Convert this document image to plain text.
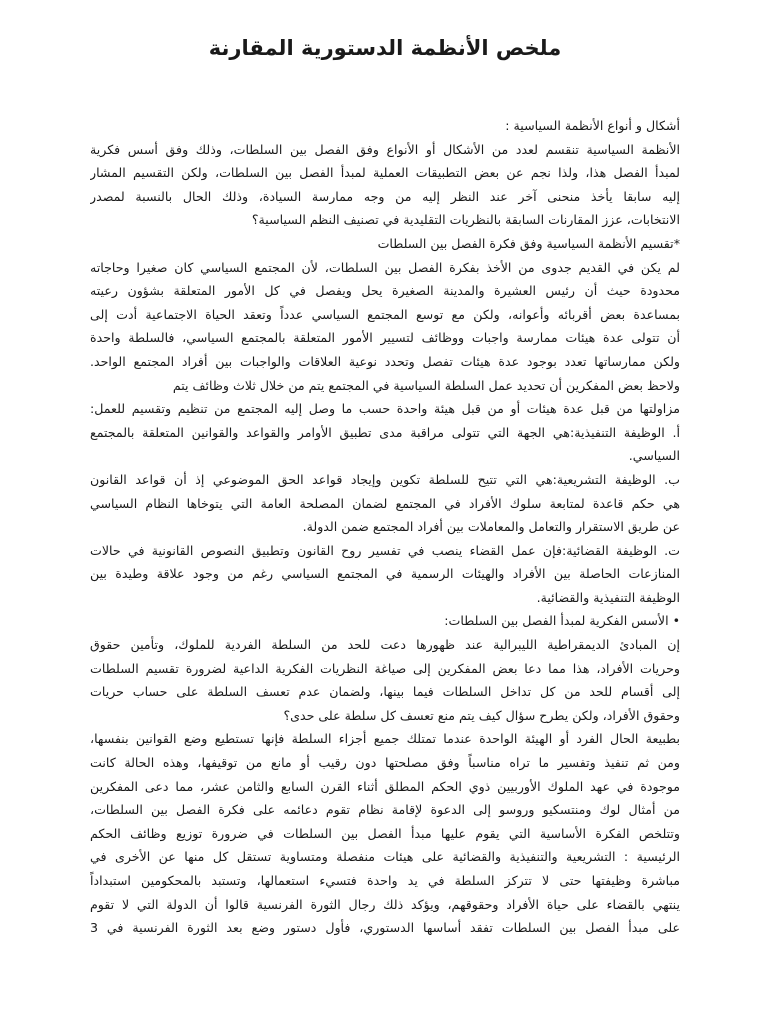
ملخص الأنظمة الدستورية المقارنة
أشكال و أنواع الأنظمة السياسية :
الأنظمة السياسية تنقسم لعدد من الأشكال أو الأنواع وفق الفصل بين السلطات، وذلك وفق أسس فكرية
لمبدأ الفصل هذا، ولذا نجم عن بعض التطبيقات العملية لمبدأ الفصل بين السلطات، ولكن التقسيم المشار
إليه سابقا يأخذ منحنى آخر عند النظر إليه من وجه ممارسة السيادة، وذلك الحال بالنسبة لمصدر
الانتخابات، عزز المقارنات السابقة بالنظريات التقليدية في تصنيف النظم السياسية؟
*تقسيم الأنظمة السياسية وفق فكرة الفصل بين السلطات
لم يكن في القديم جدوى من الأخذ بفكرة الفصل بين السلطات، لأن المجتمع السياسي كان صغيرا وحاجاته
محدودة حيث أن رئيس العشيرة والمدينة الصغيرة يحل ويفصل في كل الأمور المتعلقة بشؤون رعيته
بمساعدة بعض أقربائه وأعوانه، ولكن مع توسع المجتمع السياسي عدداً وتعقد الحياة الاجتماعية أدت إلى
أن تتولى عدة هيئات ممارسة واجبات ووظائف لتسيير الأمور المتعلقة بالمجتمع السياسي، فالسلطة واحدة
ولكن ممارساتها تعدد بوجود عدة هيئات تفصل وتحدد نوعية العلاقات والواجبات بين أفراد المجتمع الواحد.
ولاحظ بعض المفكرين أن تحديد عمل السلطة السياسية في المجتمع يتم من خلال ثلاث وظائف يتم
مزاولتها من قبل عدة هيئات أو من قبل هيئة واحدة حسب ما وصل إليه المجتمع من تنظيم وتقسيم للعمل:
أ. الوظيفة التنفيذية:هي الجهة التي تتولى مراقبة مدى تطبيق الأوامر والقواعد والقوانين المتعلقة بالمجتمع
السياسي.
ب. الوظيفة التشريعية:هي التي تتيح للسلطة تكوين وإيجاد قواعد الحق الموضوعي إذ أن قواعد القانون
هي حكم قاعدة لمتابعة سلوك الأفراد في المجتمع لضمان المصلحة العامة التي يتوخاها النظام السياسي
عن طريق الاستقرار والتعامل والمعاملات بين أفراد المجتمع ضمن الدولة.
ت. الوظيفة القضائية:فإن عمل القضاء ينصب في تفسير روح القانون وتطبيق النصوص القانونية في حالات
المنازعات الحاصلة بين الأفراد والهيئات الرسمية في المجتمع السياسي رغم من وجود علاقة وطيدة بين
الوظيفة التنفيذية والقضائية.
• الأسس الفكرية لمبدأ الفصل بين السلطات:
إن المبادئ الديمقراطية الليبرالية عند ظهورها دعت للحد من السلطة الفردية للملوك، وتأمين حقوق
وحريات الأفراد، هذا مما دعا بعض المفكرين إلى صياغة النظريات الفكرية الداعية لضرورة تقسيم السلطات
إلى أقسام للحد من كل تداخل السلطات فيما بينها، ولضمان عدم تعسف السلطة على حساب حريات
وحقوق الأفراد، ولكن يطرح سؤال كيف يتم منع تعسف كل سلطة على حدى؟
بطبيعة الحال الفرد أو الهيئة الواحدة عندما تمتلك جميع أجزاء السلطة فإنها تستطيع وضع القوانين بنفسها،
ومن ثم تنفيذ وتفسير ما تراه مناسباً وفق مصلحتها دون رقيب أو مانع من توقيفها، وهذه الحالة كانت
موجودة في عهد الملوك الأوربيين ذوي الحكم المطلق أثناء القرن السابع والثامن عشر، مما دعى المفكرين
من أمثال لوك ومنتسكيو وروسو إلى الدعوة لإقامة نظام تقوم دعائمه على فكرة الفصل بين السلطات،
وتتلخص الفكرة الأساسية التي يقوم عليها مبدأ الفصل بين السلطات في ضرورة توزيع وظائف الحكم
الرئيسية : التشريعية والتنفيذية والقضائية على هيئات منفصلة ومتساوية تستقل كل منها عن الأخرى في
مباشرة وظيفتها حتى لا تتركز السلطة في يد واحدة فتسيء استعمالها، وتستبد بالمحكومين استبداداً
ينتهي بالقضاء على حياة الأفراد وحقوقهم، ويؤكد ذلك رجال الثورة الفرنسية قالوا أن الدولة التي لا تقوم
على مبدأ الفصل بين السلطات تفقد أساسها الدستوري، فأول دستور وضع بعد الثورة الفرنسية في 3
